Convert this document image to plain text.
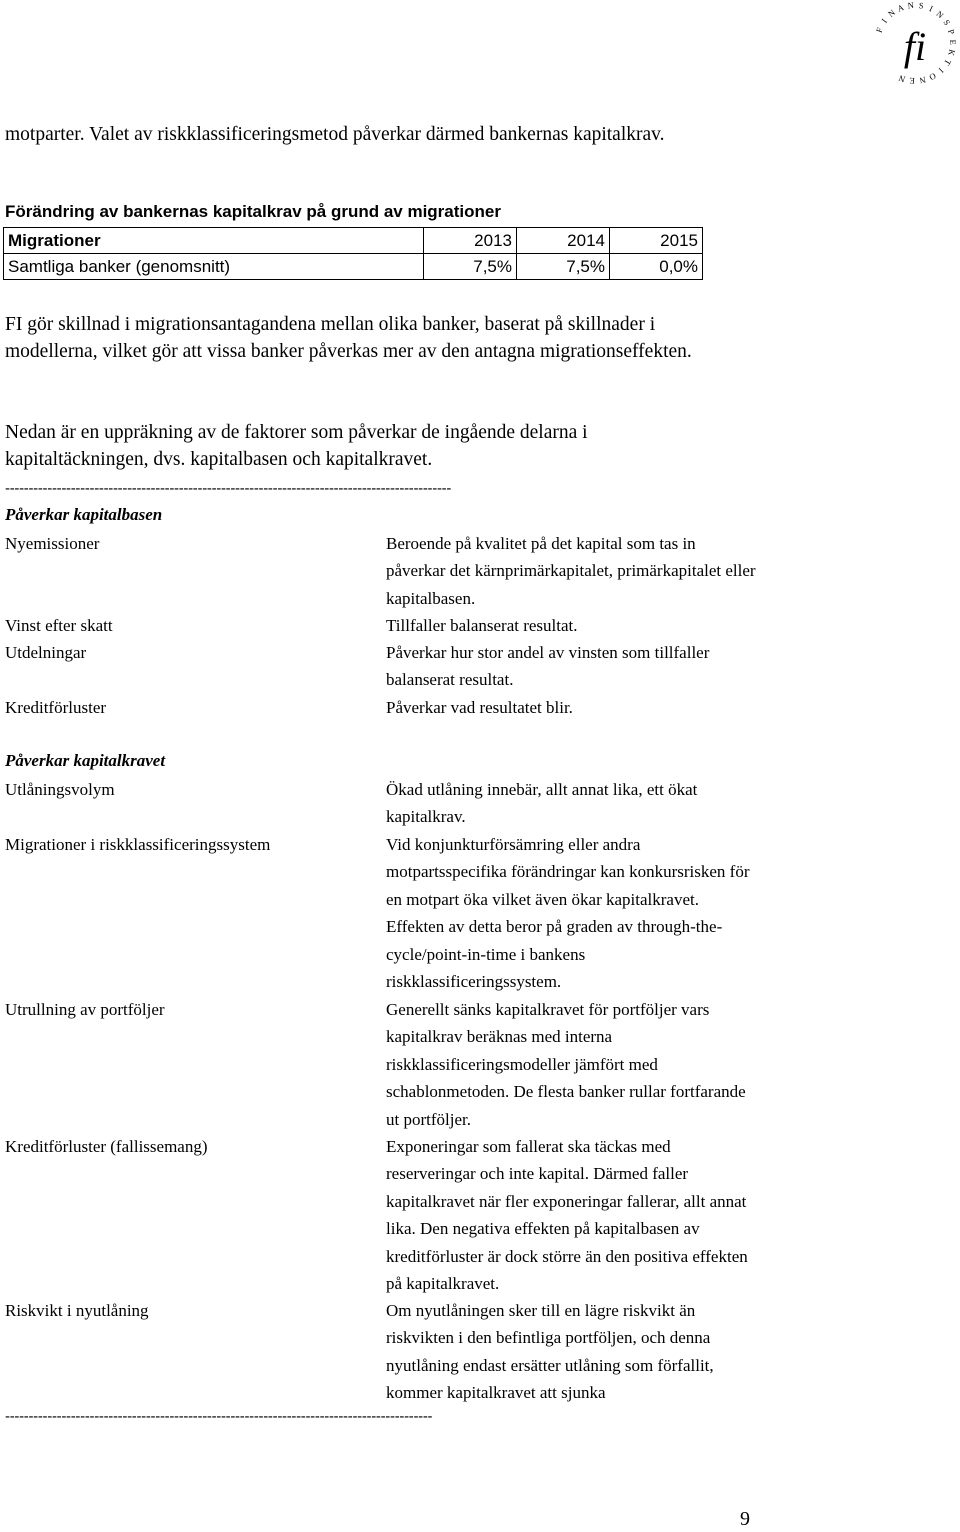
F
I
N
A N S I
N
S
P
E
K
T
I
O
N
E
N
fi

motparter. Valet av riskklassificeringsmetod påverkar därmed bankernas kapitalkrav.

Förändring av bankernas kapitalkrav på grund av migrationer
Migrationer	2013	2014	2015
Samtliga banker (genomsnitt)	7,5%	7,5%	0,0%

FI gör skillnad i migrationsantagandena mellan olika banker, baserat på skillnader i modellerna, vilket gör att vissa banker påverkas mer av den antagna migrationseffekten.

Nedan är en uppräkning av de faktorer som påverkar de ingående delarna i kapitaltäckningen, dvs. kapitalbasen och kapitalkravet.

-----------------------------------------------------------------------------------------------
Påverkar kapitalbasen

Nyemissioner	Beroende på kvalitet på det kapital som tas in påverkar det kärnprimärkapitalet, primärkapitalet eller kapitalbasen.

Vinst efter skatt	Tillfaller balanserat resultat.

Utdelningar	Påverkar hur stor andel av vinsten som tillfaller balanserat resultat.

Kreditförluster	Påverkar vad resultatet blir.

Påverkar kapitalkravet

Utlåningsvolym	Ökad utlåning innebär, allt annat lika, ett ökat kapitalkrav.

Migrationer i riskklassificeringssystem	Vid konjunkturförsämring eller andra motpartsspecifika förändringar kan konkursrisken för en motpart öka vilket även ökar kapitalkravet. Effekten av detta beror på graden av through-the-cycle/point-in-time i bankens riskklassificeringssystem.

Utrullning av portföljer	Generellt sänks kapitalkravet för portföljer vars kapitalkrav beräknas med interna riskklassificeringsmodeller jämfört med schablonmetoden. De flesta banker rullar fortfarande ut portföljer.

Kreditförluster (fallissemang)	Exponeringar som fallerat ska täckas med reserveringar och inte kapital. Därmed faller kapitalkravet när fler exponeringar fallerar, allt annat lika. Den negativa effekten på kapitalbasen av kreditförluster är dock större än den positiva effekten på kapitalkravet.

Riskvikt i nyutlåning	Om nyutlåningen sker till en lägre riskvikt än riskvikten i den befintliga portföljen, och denna nyutlåning endast ersätter utlåning som förfallit, kommer kapitalkravet att sjunka

-------------------------------------------------------------------------------------------
9
